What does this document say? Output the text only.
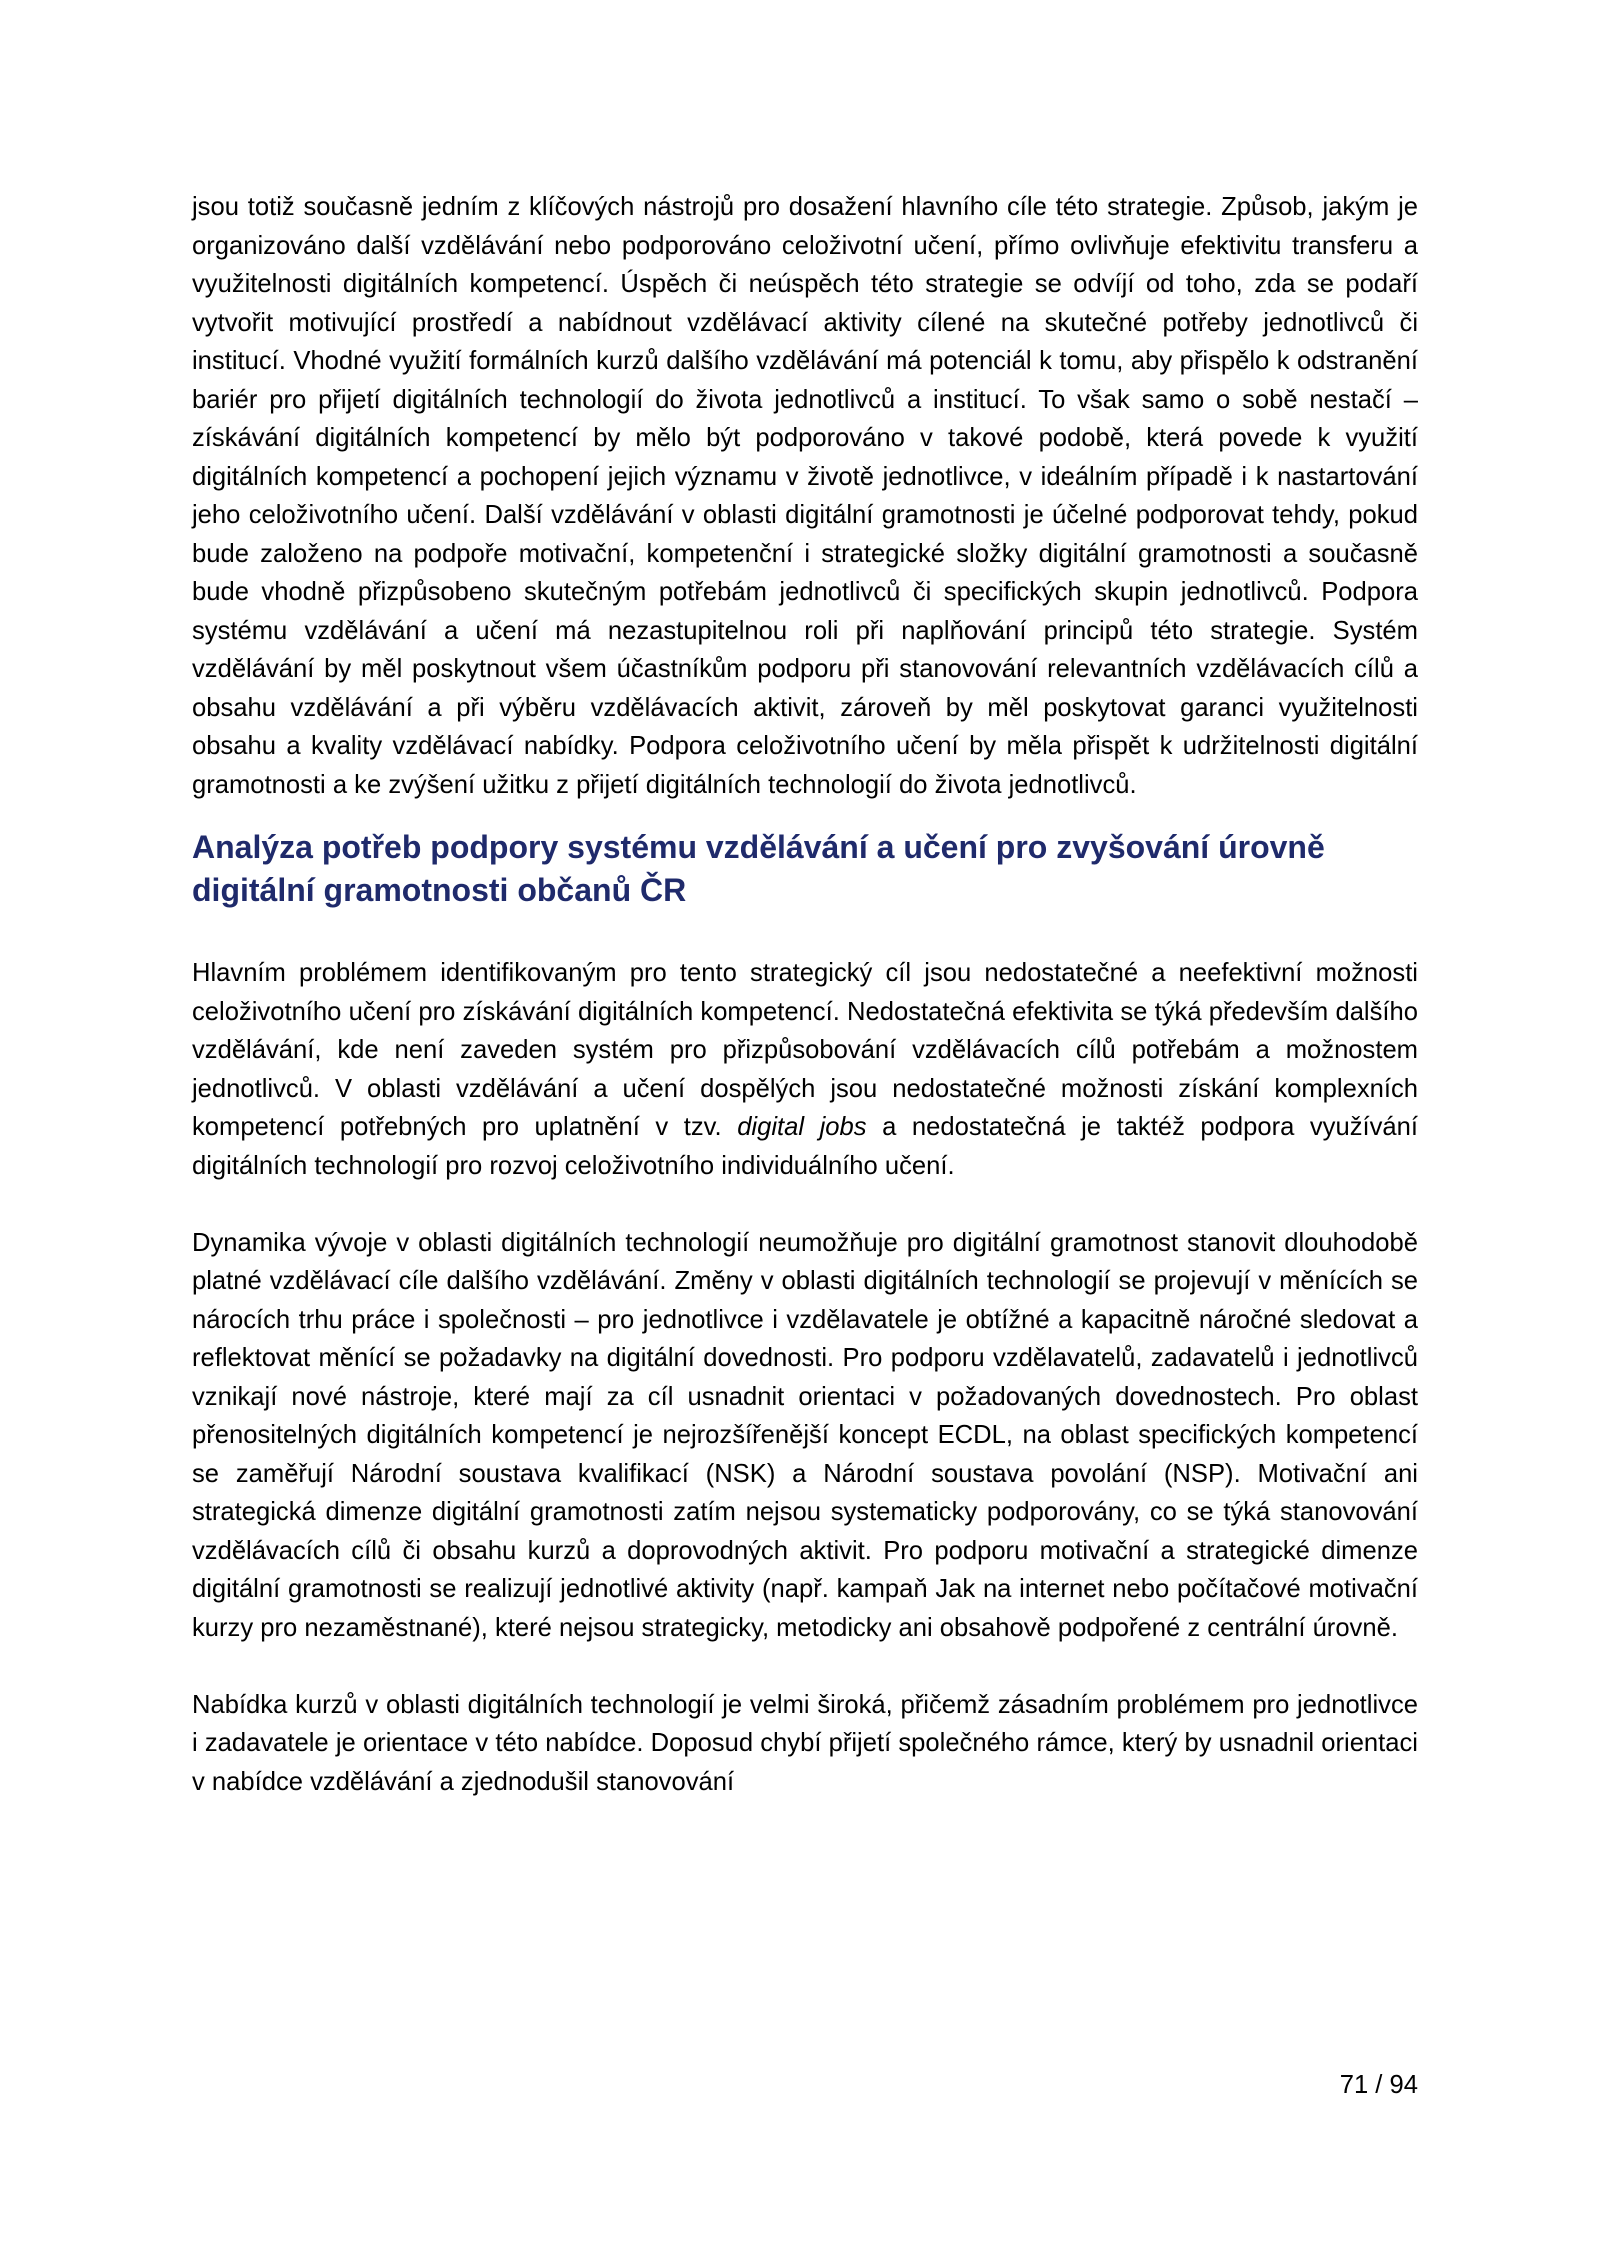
jsou totiž současně jedním z klíčových nástrojů pro dosažení hlavního cíle této strategie. Způsob, jakým je organizováno další vzdělávání nebo podporováno celoživotní učení, přímo ovlivňuje efektivitu transferu a využitelnosti digitálních kompetencí. Úspěch či neúspěch této strategie se odvíjí od toho, zda se podaří vytvořit motivující prostředí a nabídnout vzdělávací aktivity cílené na skutečné potřeby jednotlivců či institucí. Vhodné využití formálních kurzů dalšího vzdělávání má potenciál k tomu, aby přispělo k odstranění bariér pro přijetí digitálních technologií do života jednotlivců a institucí. To však samo o sobě nestačí – získávání digitálních kompetencí by mělo být podporováno v takové podobě, která povede k využití digitálních kompetencí a pochopení jejich významu v životě jednotlivce, v ideálním případě i k nastartování jeho celoživotního učení. Další vzdělávání v oblasti digitální gramotnosti je účelné podporovat tehdy, pokud bude založeno na podpoře motivační, kompetenční i strategické složky digitální gramotnosti a současně bude vhodně přizpůsobeno skutečným potřebám jednotlivců či specifických skupin jednotlivců. Podpora systému vzdělávání a učení má nezastupitelnou roli při naplňování principů této strategie. Systém vzdělávání by měl poskytnout všem účastníkům podporu při stanovování relevantních vzdělávacích cílů a obsahu vzdělávání a při výběru vzdělávacích aktivit, zároveň by měl poskytovat garanci využitelnosti obsahu a kvality vzdělávací nabídky. Podpora celoživotního učení by měla přispět k udržitelnosti digitální gramotnosti a ke zvýšení užitku z přijetí digitálních technologií do života jednotlivců.

Analýza potřeb podpory systému vzdělávání a učení pro zvyšování úrovně digitální gramotnosti občanů ČR

Hlavním problémem identifikovaným pro tento strategický cíl jsou nedostatečné a neefektivní možnosti celoživotního učení pro získávání digitálních kompetencí. Nedostatečná efektivita se týká především dalšího vzdělávání, kde není zaveden systém pro přizpůsobování vzdělávacích cílů potřebám a možnostem jednotlivců. V oblasti vzdělávání a učení dospělých jsou nedostatečné možnosti získání komplexních kompetencí potřebných pro uplatnění v tzv. digital jobs a nedostatečná je taktéž podpora využívání digitálních technologií pro rozvoj celoživotního individuálního učení.

Dynamika vývoje v oblasti digitálních technologií neumožňuje pro digitální gramotnost stanovit dlouhodobě platné vzdělávací cíle dalšího vzdělávání. Změny v oblasti digitálních technologií se projevují v měnících se nárocích trhu práce i společnosti – pro jednotlivce i vzdělavatele je obtížné a kapacitně náročné sledovat a reflektovat měnící se požadavky na digitální dovednosti. Pro podporu vzdělavatelů, zadavatelů i jednotlivců vznikají nové nástroje, které mají za cíl usnadnit orientaci v požadovaných dovednostech. Pro oblast přenositelných digitálních kompetencí je nejrozšířenější koncept ECDL, na oblast specifických kompetencí se zaměřují Národní soustava kvalifikací (NSK) a Národní soustava povolání (NSP). Motivační ani strategická dimenze digitální gramotnosti zatím nejsou systematicky podporovány, co se týká stanovování vzdělávacích cílů či obsahu kurzů a doprovodných aktivit. Pro podporu motivační a strategické dimenze digitální gramotnosti se realizují jednotlivé aktivity (např. kampaň Jak na internet nebo počítačové motivační kurzy pro nezaměstnané), které nejsou strategicky, metodicky ani obsahově podpořené z centrální úrovně.

Nabídka kurzů v oblasti digitálních technologií je velmi široká, přičemž zásadním problémem pro jednotlivce i zadavatele je orientace v této nabídce. Doposud chybí přijetí společného rámce, který by usnadnil orientaci v nabídce vzdělávání a zjednodušil stanovování

71 / 94
